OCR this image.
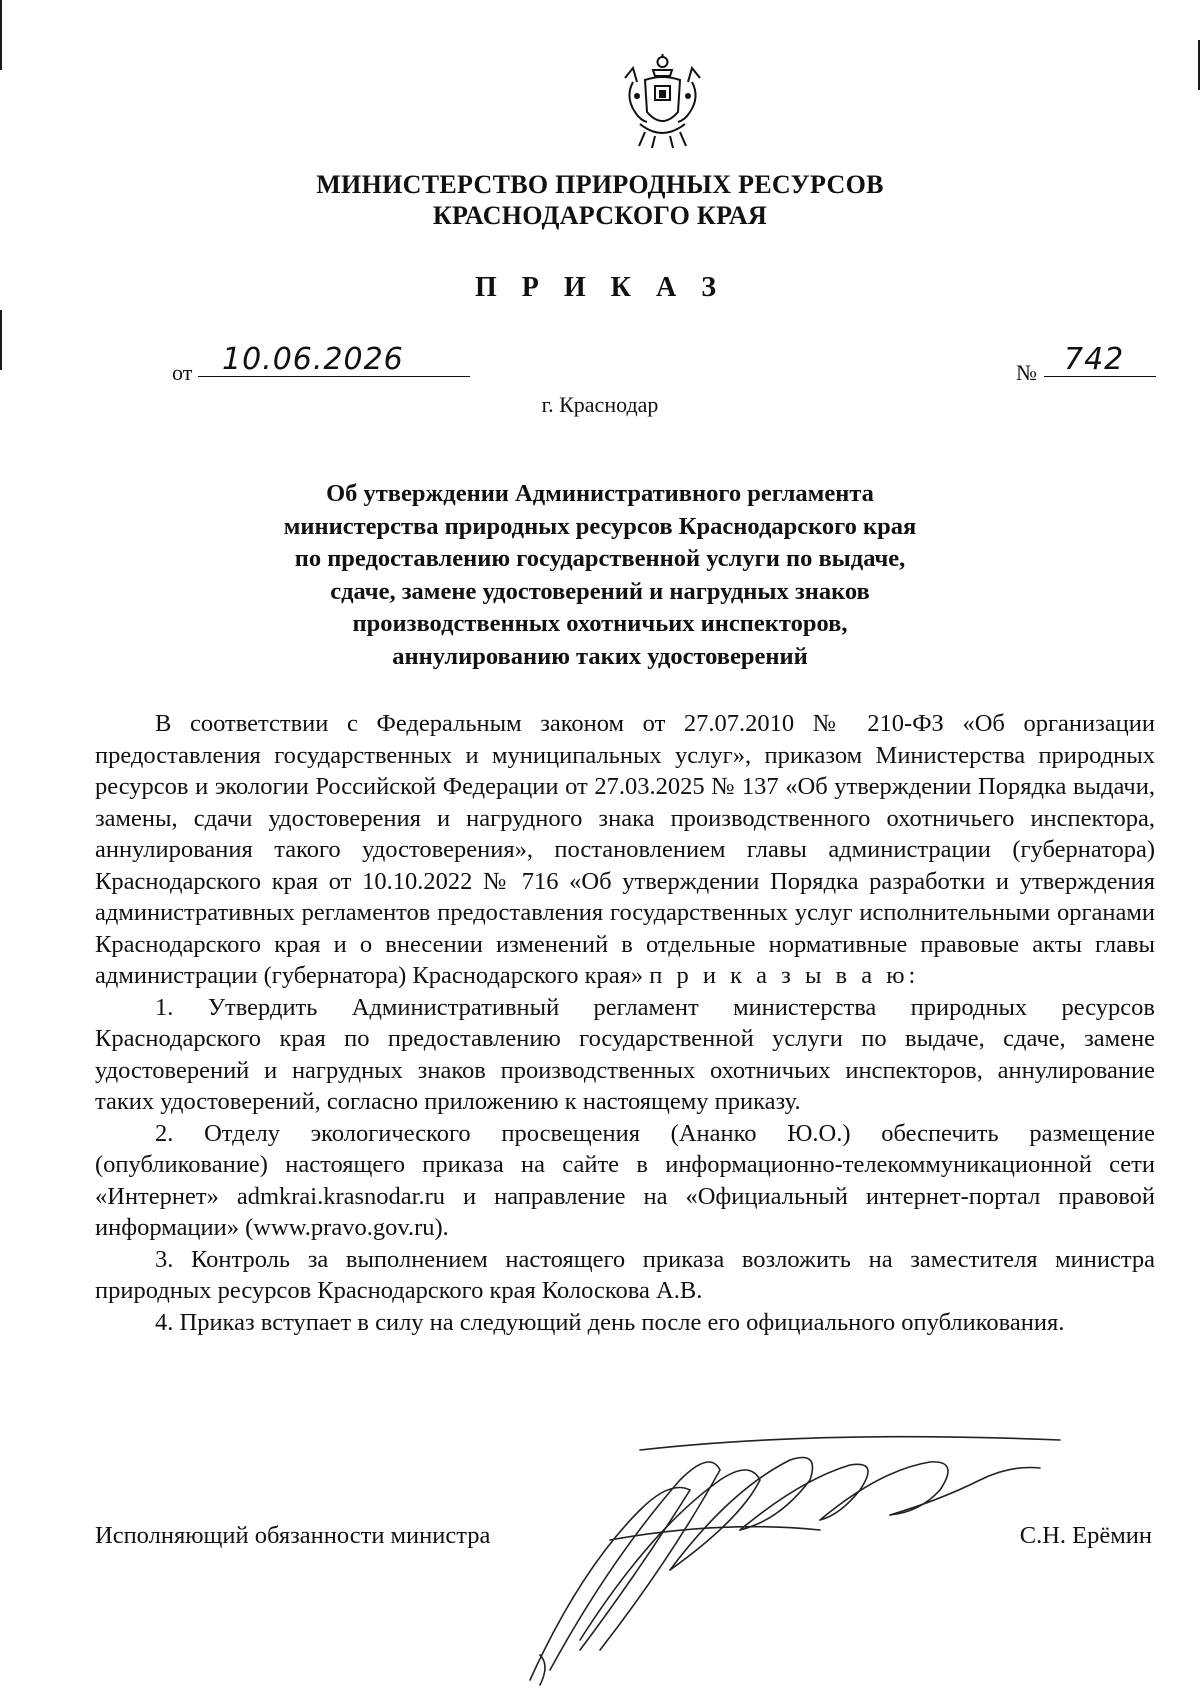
МИНИСТЕРСТВО ПРИРОДНЫХ РЕСУРСОВ
КРАСНОДАРСКОГО КРАЯ
П Р И К А З
от 10.06.2026	№ 742
г. Краснодар
Об утверждении Административного регламента
министерства природных ресурсов Краснодарского края
по предоставлению государственной услуги по выдаче,
сдаче, замене удостоверений и нагрудных знаков
производственных охотничьих инспекторов,
аннулированию таких удостоверений

В соответствии с Федеральным законом от 27.07.2010 № 210-ФЗ «Об организации предоставления государственных и муниципальных услуг», приказом Министерства природных ресурсов и экологии Российской Федерации от 27.03.2025 № 137 «Об утверждении Порядка выдачи, замены, сдачи удостоверения и нагрудного знака производственного охотничьего инспектора, аннулирования такого удостоверения», постановлением главы администрации (губернатора) Краснодарского края от 10.10.2022 № 716 «Об утверждении Порядка разработки и утверждения административных регламентов предоставления государственных услуг исполнительными органами Краснодарского края и о внесении изменений в отдельные нормативные правовые акты главы администрации (губернатора) Краснодарского края» п р и к а з ы в а ю:

1. Утвердить Административный регламент министерства природных ресурсов Краснодарского края по предоставлению государственной услуги по выдаче, сдаче, замене удостоверений и нагрудных знаков производственных охотничьих инспекторов, аннулирование таких удостоверений, согласно приложению к настоящему приказу.

2. Отделу экологического просвещения (Ананко Ю.О.) обеспечить размещение (опубликование) настоящего приказа на сайте в информационно-телекоммуникационной сети «Интернет» admkrai.krasnodar.ru и направление на «Официальный интернет-портал правовой информации» (www.pravo.gov.ru).

3. Контроль за выполнением настоящего приказа возложить на заместителя министра природных ресурсов Краснодарского края Колоскова А.В.

4. Приказ вступает в силу на следующий день после его официального опубликования.

Исполняющий обязанности министра	С.Н. Ерёмин
